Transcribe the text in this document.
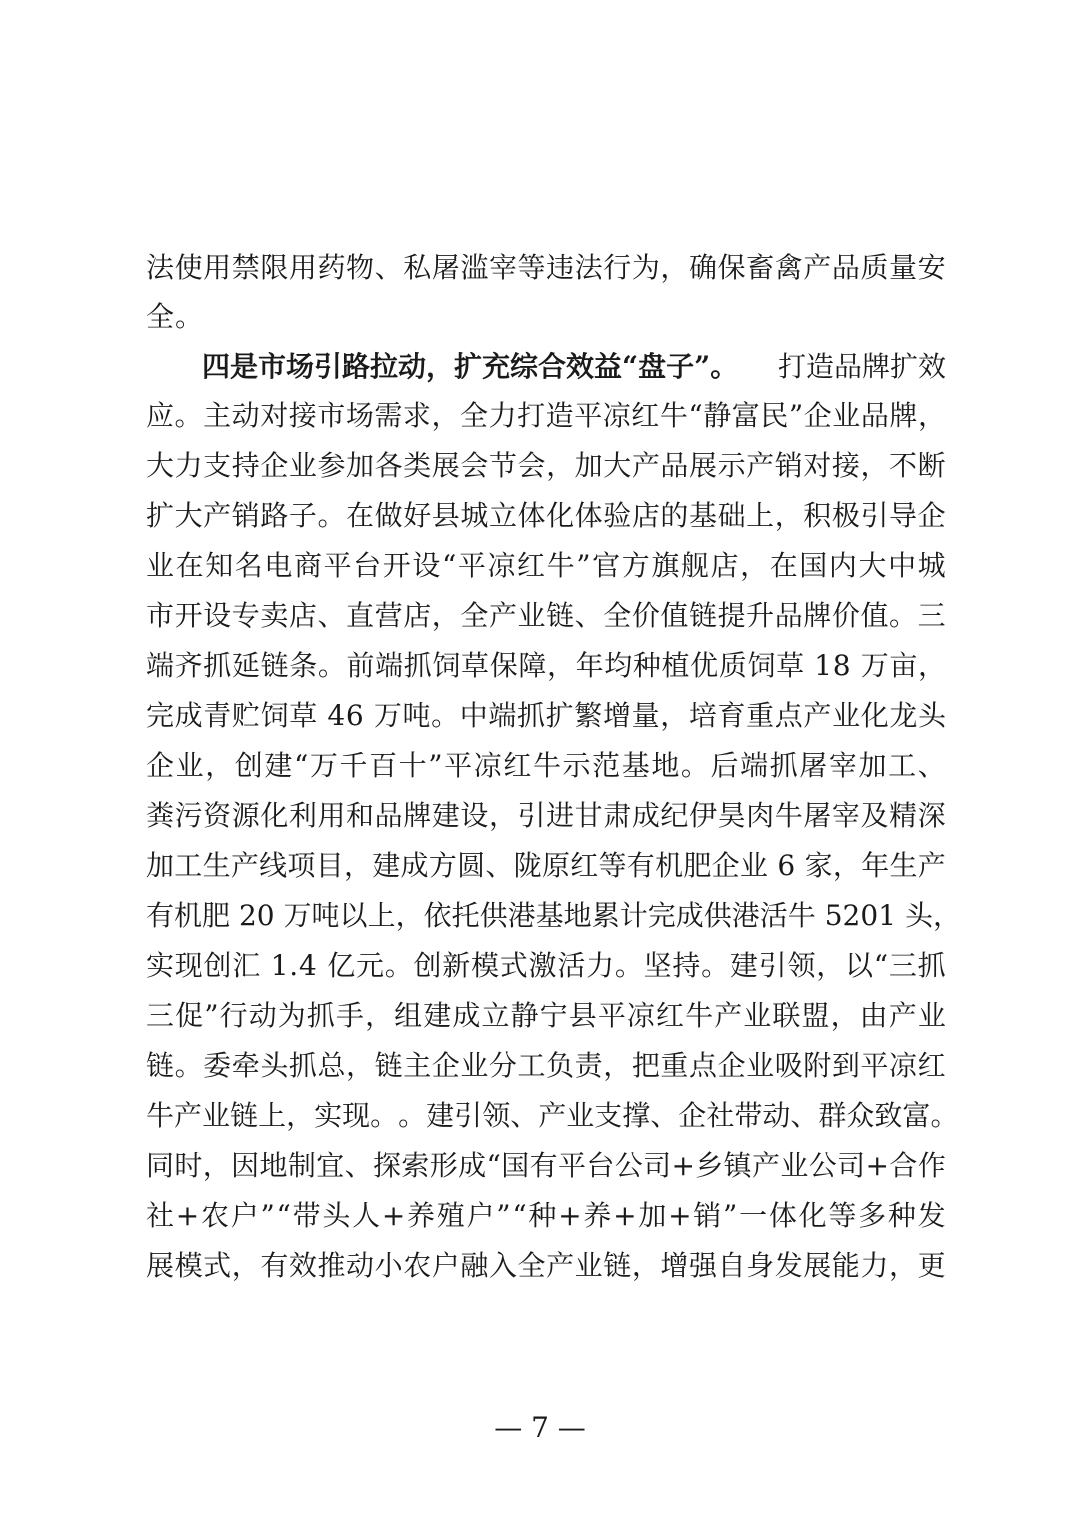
法 使 用 禁 限 用 药 物 、 私 屠 滥 宰 等 违 法 行 为 ， 确 保 畜 禽 产 品 质 量 安
全。
四是市场引路拉动，扩充综合效益“盘子”。 打造品牌扩效
应 。 主 动 对 接 市 场 需 求 ， 全 力 打 造 平 凉 红 牛 “ 静 富 民 ” 企 业 品 牌 ，
大 力 支 持 企 业 参 加 各 类 展 会 节 会 ， 加 大 产 品 展 示 产 销 对 接 ， 不 断
扩 大 产 销 路 子 。 在 做 好 县 城 立 体 化 体 验 店 的 基 础 上 ， 积 极 引 导 企
业 在 知 名 电 商 平 台 开 设 “ 平 凉 红 牛 ” 官 方 旗 舰 店 ， 在 国 内 大 中 城
市 开 设 专 卖 店 、 直 营 店 ， 全 产 业 链 、 全 价 值 链 提 升 品 牌 价 值 。 三
端 齐 抓 延 链 条 。 前 端 抓 饲 草 保 障 ， 年 均 种 植 优 质 饲 草
1 8
万 亩 ，
完 成 青 贮 饲 草
4 6
万 吨 。 中 端 抓 扩 繁 增 量 ， 培 育 重 点 产 业 化 龙 头
企 业 ， 创 建 “ 万 千 百 十 ” 平 凉 红 牛 示 范 基 地 。 后 端 抓 屠 宰 加 工 、
粪 污 资 源 化 利 用 和 品 牌 建 设 ， 引 进 甘 肃 成 纪 伊 昊 肉 牛 屠 宰 及 精 深
加 工 生 产 线 项 目 ， 建 成 方 圆 、 陇 原 红 等 有 机 肥 企 业
6
家 ， 年 生 产
有 机 肥
2 0
万 吨 以 上 ， 依 托 供 港 基 地 累 计 完 成 供 港 活 牛
5 2 0 1
头 ，
实 现 创 汇
1 . 4
亿 元 。 创 新 模 式 激 活 力 。 坚 持 。 建 引 领 ， 以 “ 三 抓
三 促 ” 行 动 为 抓 手 ， 组 建 成 立 静 宁 县 平 凉 红 牛 产 业 联 盟 ， 由 产 业
链 。 委 牵 头 抓 总 ， 链 主 企 业 分 工 负 责 ， 把 重 点 企 业 吸 附 到 平 凉 红
牛 产 业 链 上 ， 实 现 。 。 建 引 领 、 产 业 支 撑 、 企 社 带 动 、 群 众 致 富 。
同 时 ， 因 地 制 宜 、 探 索 形 成 “ 国 有 平 台 公 司 + 乡 镇 产 业 公 司 + 合 作
社 + 农 户 ” “ 带 头 人 + 养 殖 户 ” “ 种 + 养 + 加 + 销 ” 一 体 化 等 多 种 发
展 模 式 ， 有 效 推 动 小 农 户 融 入 全 产 业 链 ， 增 强 自 身 发 展 能 力 ， 更
— 7 —
